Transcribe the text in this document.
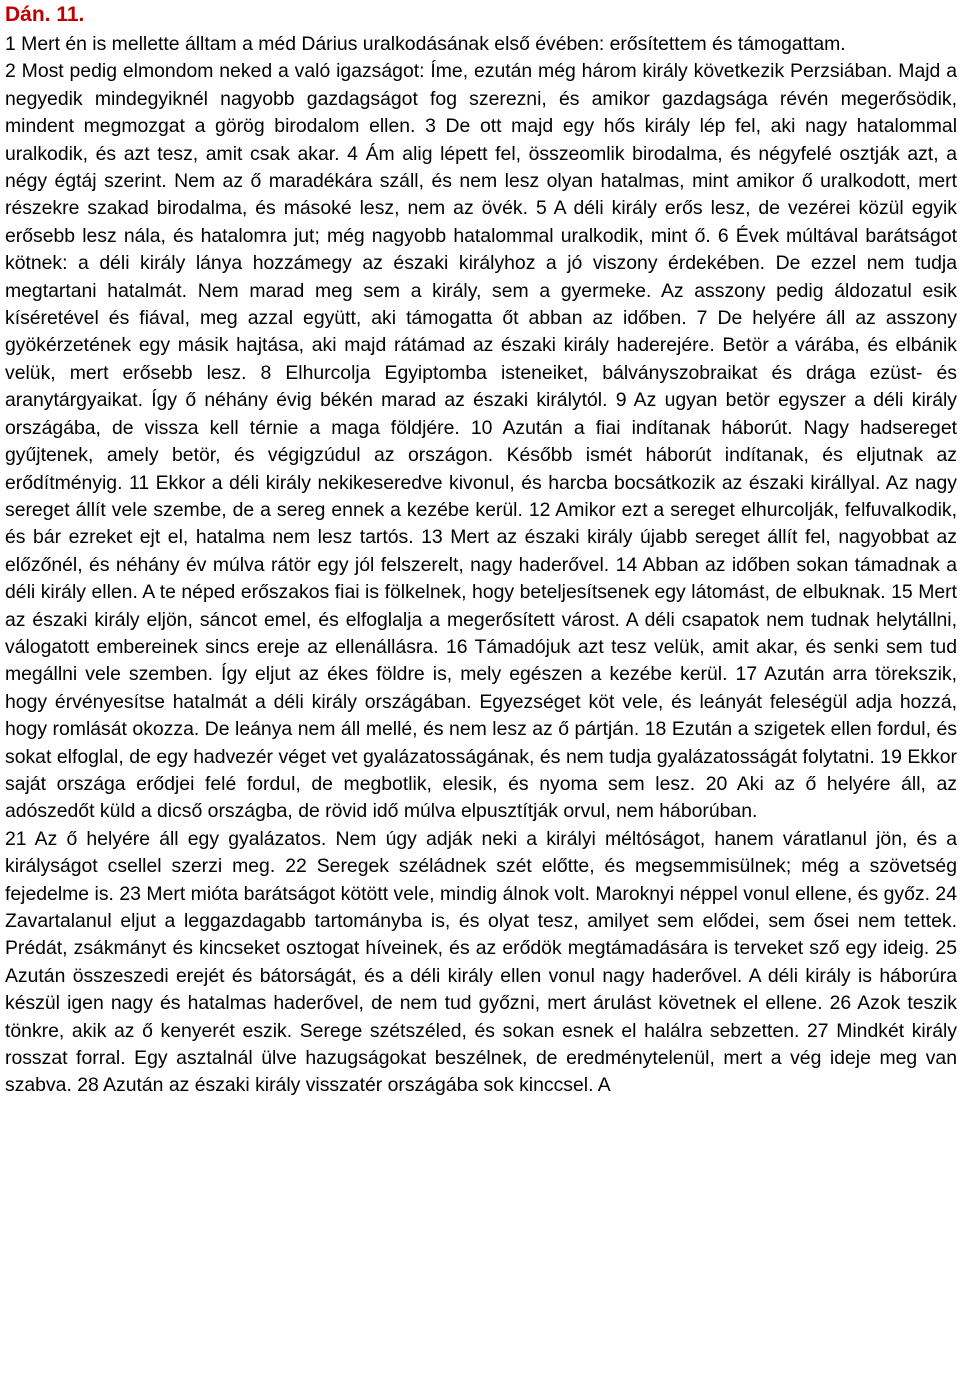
Dán. 11.

1 Mert én is mellette álltam a méd Dárius uralkodásának első évében: erősítettem és támogattam.

2 Most pedig elmondom neked a való igazságot: Íme, ezután még három király következik Perzsiában. Majd a negyedik mindegyiknél nagyobb gazdagságot fog szerezni, és amikor gazdagsága révén megerősödik, mindent megmozgat a görög birodalom ellen. 3 De ott majd egy hős király lép fel, aki nagy hatalommal uralkodik, és azt tesz, amit csak akar. 4 Ám alig lépett fel, összeomlik birodalma, és négyfelé osztják azt, a négy égtáj szerint. Nem az ő maradékára száll, és nem lesz olyan hatalmas, mint amikor ő uralkodott, mert részekre szakad birodalma, és másoké lesz, nem az övék. 5 A déli király erős lesz, de vezérei közül egyik erősebb lesz nála, és hatalomra jut; még nagyobb hatalommal uralkodik, mint ő. 6 Évek múltával barátságot kötnek: a déli király lánya hozzámegy az északi királyhoz a jó viszony érdekében. De ezzel nem tudja megtartani hatalmát. Nem marad meg sem a király, sem a gyermeke. Az asszony pedig áldozatul esik kíséretével és fiával, meg azzal együtt, aki támogatta őt abban az időben. 7 De helyére áll az asszony gyökérzetének egy másik hajtása, aki majd rátámad az északi király haderejére. Betör a várába, és elbánik velük, mert erősebb lesz. 8 Elhurcolja Egyiptomba isteneiket, bálványszobraikat és drága ezüst- és aranytárgyaikat. Így ő néhány évig békén marad az északi királytól. 9 Az ugyan betör egyszer a déli király országába, de vissza kell térnie a maga földjére. 10 Azután a fiai indítanak háborút. Nagy hadsereget gyűjtenek, amely betör, és végigzúdul az országon. Később ismét háborút indítanak, és eljutnak az erődítményig. 11 Ekkor a déli király nekikeseredve kivonul, és harcba bocsátkozik az északi királlyal. Az nagy sereget állít vele szembe, de a sereg ennek a kezébe kerül. 12 Amikor ezt a sereget elhurcolják, felfuvalkodik, és bár ezreket ejt el, hatalma nem lesz tartós. 13 Mert az északi király újabb sereget állít fel, nagyobbat az előzőnél, és néhány év múlva rátör egy jól felszerelt, nagy haderővel. 14 Abban az időben sokan támadnak a déli király ellen. A te néped erőszakos fiai is fölkelnek, hogy beteljesítsenek egy látomást, de elbuknak. 15 Mert az északi király eljön, sáncot emel, és elfoglalja a megerősített várost. A déli csapatok nem tudnak helytállni, válogatott embereinek sincs ereje az ellenállásra. 16 Támadójuk azt tesz velük, amit akar, és senki sem tud megállni vele szemben. Így eljut az ékes földre is, mely egészen a kezébe kerül. 17 Azután arra törekszik, hogy érvényesítse hatalmát a déli király országában. Egyezséget köt vele, és leányát feleségül adja hozzá, hogy romlását okozza. De leánya nem áll mellé, és nem lesz az ő pártján. 18 Ezután a szigetek ellen fordul, és sokat elfoglal, de egy hadvezér véget vet gyalázatosságának, és nem tudja gyalázatosságát folytatni. 19 Ekkor saját országa erődjei felé fordul, de megbotlik, elesik, és nyoma sem lesz. 20 Aki az ő helyére áll, az adószedőt küld a dicső országba, de rövid idő múlva elpusztítják orvul, nem háborúban.

21 Az ő helyére áll egy gyalázatos. Nem úgy adják neki a királyi méltóságot, hanem váratlanul jön, és a királyságot csellel szerzi meg. 22 Seregek széládnek szét előtte, és megsemmisülnek; még a szövetség fejedelme is. 23 Mert mióta barátságot kötött vele, mindig álnok volt. Maroknyi néppel vonul ellene, és győz. 24 Zavartalanul eljut a leggazdagabb tartományba is, és olyat tesz, amilyet sem elődei, sem ősei nem tettek. Prédát, zsákmányt és kincseket osztogat híveinek, és az erődök megtámadására is terveket sző egy ideig. 25 Azután összeszedi erejét és bátorságát, és a déli király ellen vonul nagy haderővel. A déli király is háborúra készül igen nagy és hatalmas haderővel, de nem tud győzni, mert árulást követnek el ellene. 26 Azok teszik tönkre, akik az ő kenyerét eszik. Serege szétszéled, és sokan esnek el halálra sebzetten. 27 Mindkét király rosszat forral. Egy asztalnál ülve hazugságokat beszélnek, de eredménytelenül, mert a vég ideje meg van szabva. 28 Azután az északi király visszatér országába sok kinccsel. A
